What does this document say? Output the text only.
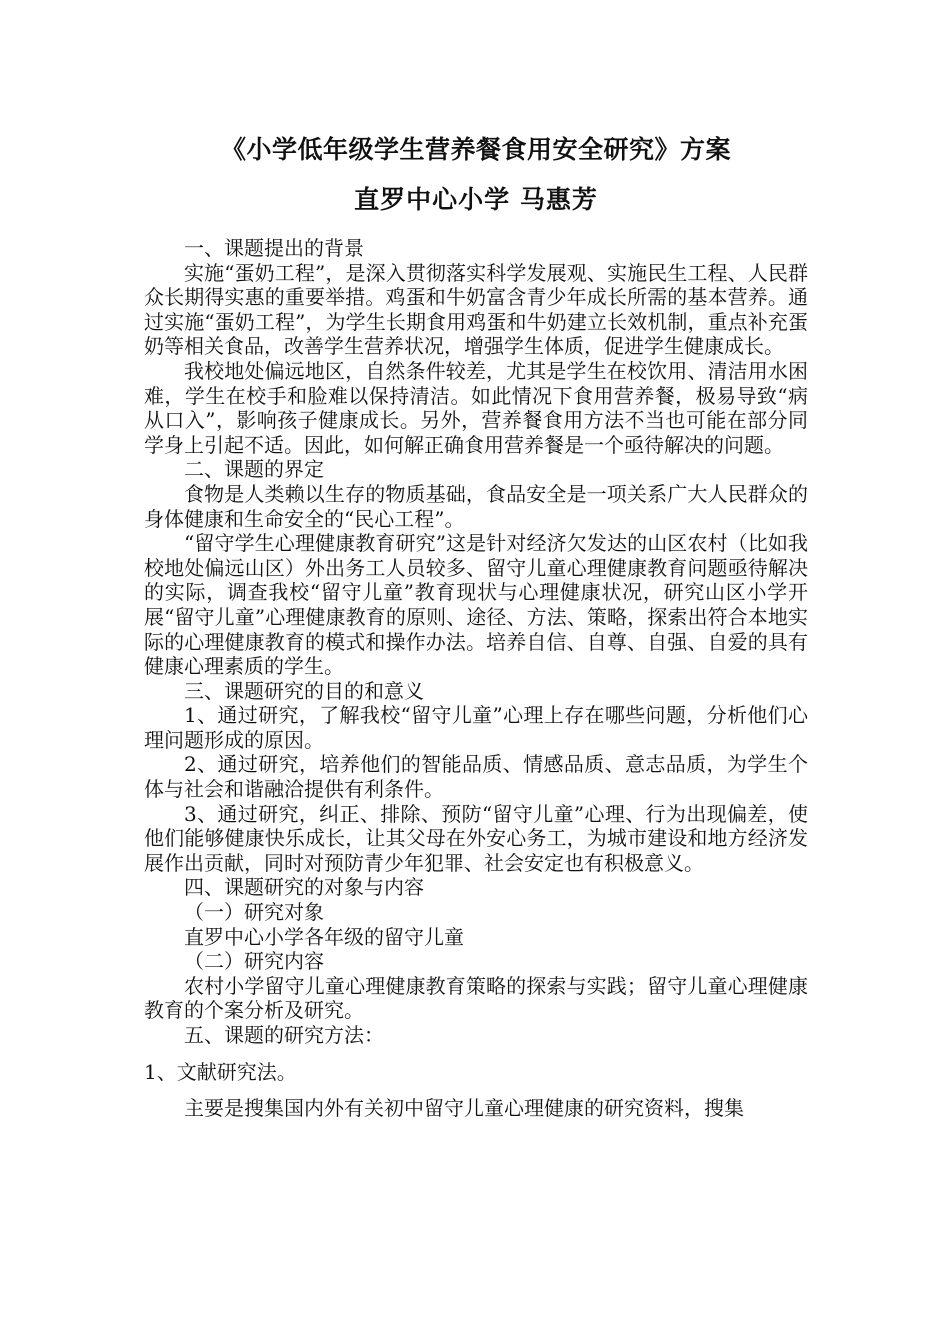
《小学低年级学生营养餐食用安全研究》方案
直罗中心小学 马惠芳

一、课题提出的背景

实施“蛋奶工程”，是深入贯彻落实科学发展观、实施民生工程、人民群众长期得实惠的重要举措。鸡蛋和牛奶富含青少年成长所需的基本营养。通过实施“蛋奶工程”，为学生长期食用鸡蛋和牛奶建立长效机制，重点补充蛋奶等相关食品，改善学生营养状况，增强学生体质，促进学生健康成长。

我校地处偏远地区，自然条件较差，尤其是学生在校饮用、清洁用水困难，学生在校手和脸难以保持清洁。如此情况下食用营养餐，极易导致“病从口入”，影响孩子健康成长。另外，营养餐食用方法不当也可能在部分同学身上引起不适。因此，如何解正确食用营养餐是一个亟待解决的问题。

二、课题的界定

食物是人类赖以生存的物质基础，食品安全是一项关系广大人民群众的身体健康和生命安全的“民心工程”。

“留守学生心理健康教育研究”这是针对经济欠发达的山区农村（比如我校地处偏远山区）外出务工人员较多、留守儿童心理健康教育问题亟待解决的实际，调查我校“留守儿童”教育现状与心理健康状况，研究山区小学开展“留守儿童”心理健康教育的原则、途径、方法、策略，探索出符合本地实际的心理健康教育的模式和操作办法。培养自信、自尊、自强、自爱的具有健康心理素质的学生。

三、课题研究的目的和意义

1、通过研究，了解我校“留守儿童”心理上存在哪些问题，分析他们心理问题形成的原因。

2、通过研究，培养他们的智能品质、情感品质、意志品质，为学生个体与社会和谐融洽提供有利条件。

3、通过研究，纠正、排除、预防“留守儿童”心理、行为出现偏差，使他们能够健康快乐成长，让其父母在外安心务工，为城市建设和地方经济发展作出贡献，同时对预防青少年犯罪、社会安定也有积极意义。

四、课题研究的对象与内容

（一）研究对象

直罗中心小学各年级的留守儿童

（二）研究内容

农村小学留守儿童心理健康教育策略的探索与实践；留守儿童心理健康教育的个案分析及研究。

五、课题的研究方法：

1、文献研究法。

主要是搜集国内外有关初中留守儿童心理健康的研究资料，搜集
